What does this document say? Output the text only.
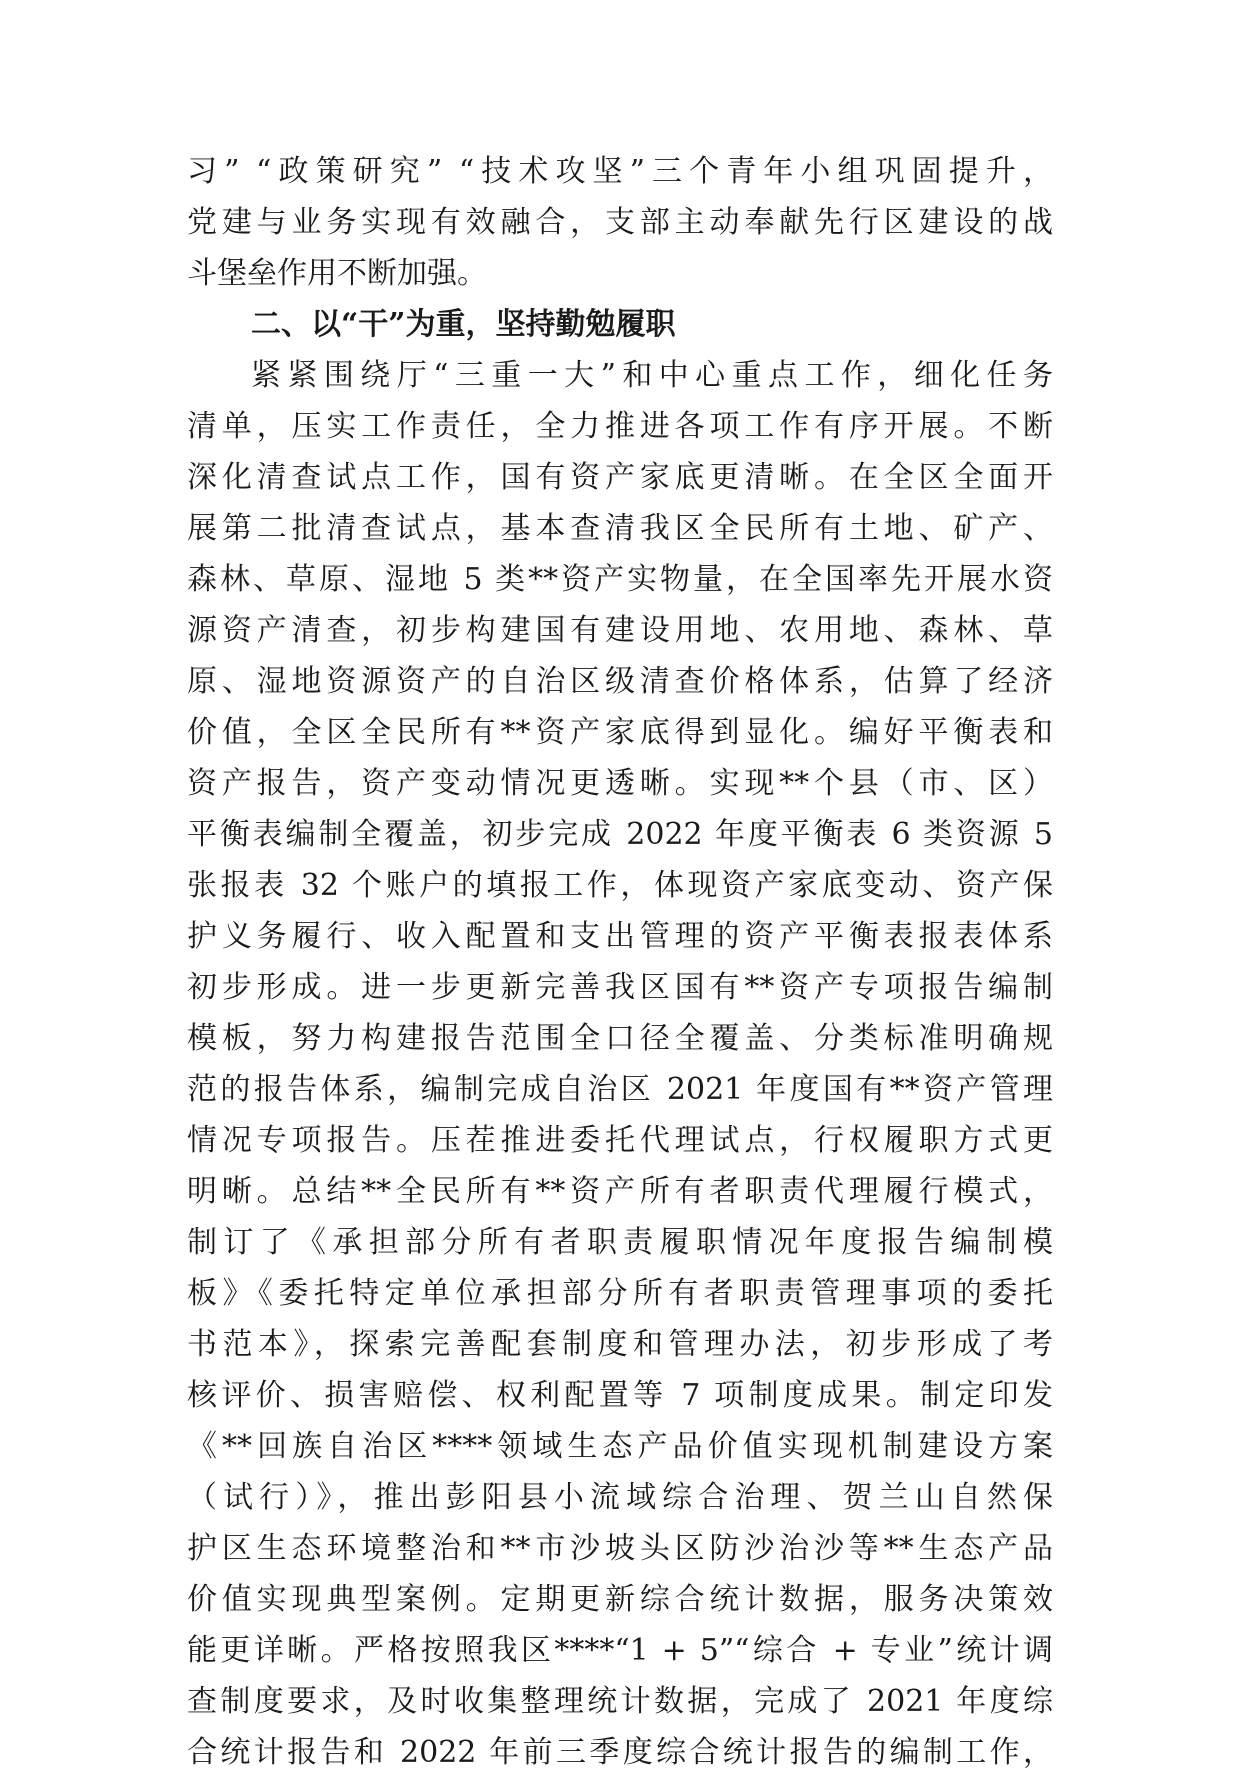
习” “政策研究” “技术攻坚”三个青年小组巩固提升，
党建与业务实现有效融合，支部主动奉献先行区建设的战
斗堡垒作用不断加强。
二、以“干”为重，坚持勤勉履职
紧紧围绕厅“三重一大”和中心重点工作，细化任务
清单，压实工作责任，全力推进各项工作有序开展。不断
深化清查试点工作，国有资产家底更清晰。在全区全面开
展第二批清查试点，基本查清我区全民所有土地、矿产、
森林、草原、湿地 5 类**资产实物量，在全国率先开展水资
源资产清查，初步构建国有建设用地、农用地、森林、草
原、湿地资源资产的自治区级清查价格体系，估算了经济
价值，全区全民所有**资产家底得到显化。编好平衡表和
资产报告，资产变动情况更透晰。实现**个县（市、区）
平衡表编制全覆盖，初步完成 2022 年度平衡表 6 类资源 5
张报表 32 个账户的填报工作，体现资产家底变动、资产保
护义务履行、收入配置和支出管理的资产平衡表报表体系
初步形成。进一步更新完善我区国有**资产专项报告编制
模板，努力构建报告范围全口径全覆盖、分类标准明确规
范的报告体系，编制完成自治区 2021 年度国有**资产管理
情况专项报告。压茬推进委托代理试点，行权履职方式更
明晰。总结**全民所有**资产所有者职责代理履行模式，
制订了《承担部分所有者职责履职情况年度报告编制模
板》《委托特定单位承担部分所有者职责管理事项的委托
书范本》，探索完善配套制度和管理办法，初步形成了考
核评价、损害赔偿、权利配置等 7 项制度成果。制定印发
《**回族自治区****领域生态产品价值实现机制建设方案
（试行）》，推出彭阳县小流域综合治理、贺兰山自然保
护区生态环境整治和**市沙坡头区防沙治沙等**生态产品
价值实现典型案例。定期更新综合统计数据，服务决策效
能更详晰。严格按照我区****“1 + 5”“综合 + 专业”统计调
查制度要求，及时收集整理统计数据，完成了 2021 年度综
合统计报告和 2022 年前三季度综合统计报告的编制工作，
